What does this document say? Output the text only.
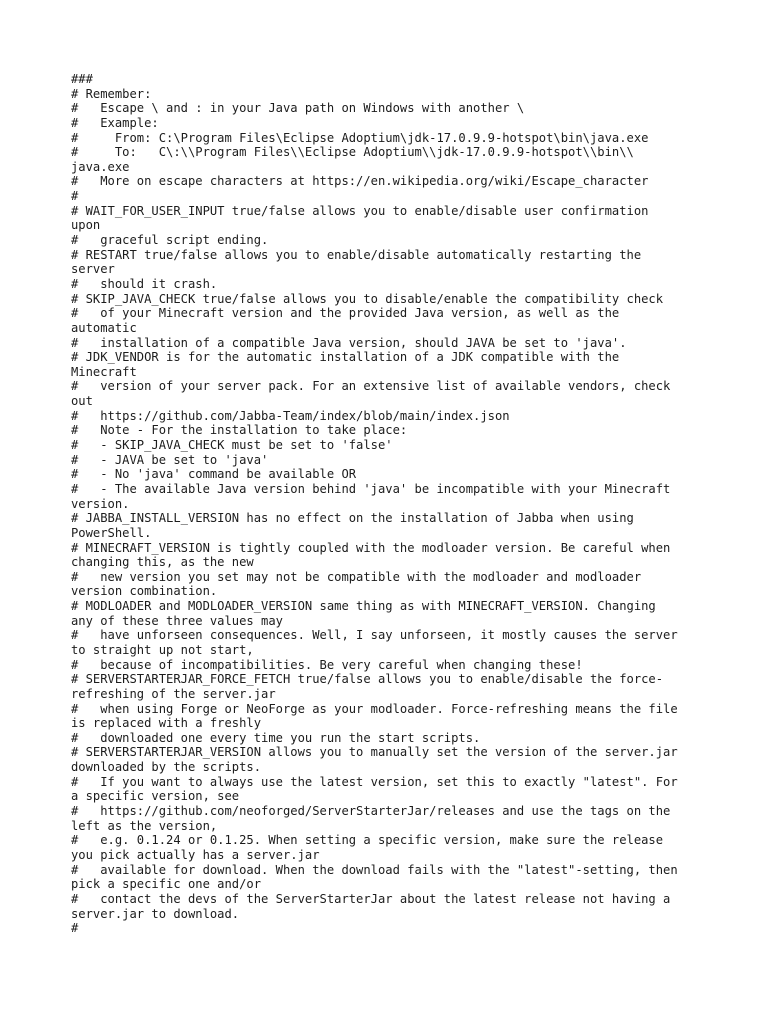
###
# Remember:
#   Escape \ and : in your Java path on Windows with another \
#   Example:
#     From: C:\Program Files\Eclipse Adoptium\jdk-17.0.9.9-hotspot\bin\java.exe
#     To:   C\:\\Program Files\\Eclipse Adoptium\\jdk-17.0.9.9-hotspot\\bin\\
java.exe
#   More on escape characters at https://en.wikipedia.org/wiki/Escape_character
#
# WAIT_FOR_USER_INPUT true/false allows you to enable/disable user confirmation
upon
#   graceful script ending.
# RESTART true/false allows you to enable/disable automatically restarting the
server
#   should it crash.
# SKIP_JAVA_CHECK true/false allows you to disable/enable the compatibility check
#   of your Minecraft version and the provided Java version, as well as the
automatic
#   installation of a compatible Java version, should JAVA be set to 'java'.
# JDK_VENDOR is for the automatic installation of a JDK compatible with the
Minecraft
#   version of your server pack. For an extensive list of available vendors, check
out
#   https://github.com/Jabba-Team/index/blob/main/index.json
#   Note - For the installation to take place:
#   - SKIP_JAVA_CHECK must be set to 'false'
#   - JAVA be set to 'java'
#   - No 'java' command be available OR
#   - The available Java version behind 'java' be incompatible with your Minecraft
version.
# JABBA_INSTALL_VERSION has no effect on the installation of Jabba when using
PowerShell.
# MINECRAFT_VERSION is tightly coupled with the modloader version. Be careful when
changing this, as the new
#   new version you set may not be compatible with the modloader and modloader
version combination.
# MODLOADER and MODLOADER_VERSION same thing as with MINECRAFT_VERSION. Changing
any of these three values may
#   have unforseen consequences. Well, I say unforseen, it mostly causes the server
to straight up not start,
#   because of incompatibilities. Be very careful when changing these!
# SERVERSTARTERJAR_FORCE_FETCH true/false allows you to enable/disable the force-
refreshing of the server.jar
#   when using Forge or NeoForge as your modloader. Force-refreshing means the file
is replaced with a freshly
#   downloaded one every time you run the start scripts.
# SERVERSTARTERJAR_VERSION allows you to manually set the version of the server.jar
downloaded by the scripts.
#   If you want to always use the latest version, set this to exactly "latest". For
a specific version, see
#   https://github.com/neoforged/ServerStarterJar/releases and use the tags on the
left as the version,
#   e.g. 0.1.24 or 0.1.25. When setting a specific version, make sure the release
you pick actually has a server.jar
#   available for download. When the download fails with the "latest"-setting, then
pick a specific one and/or
#   contact the devs of the ServerStarterJar about the latest release not having a
server.jar to download.
#
